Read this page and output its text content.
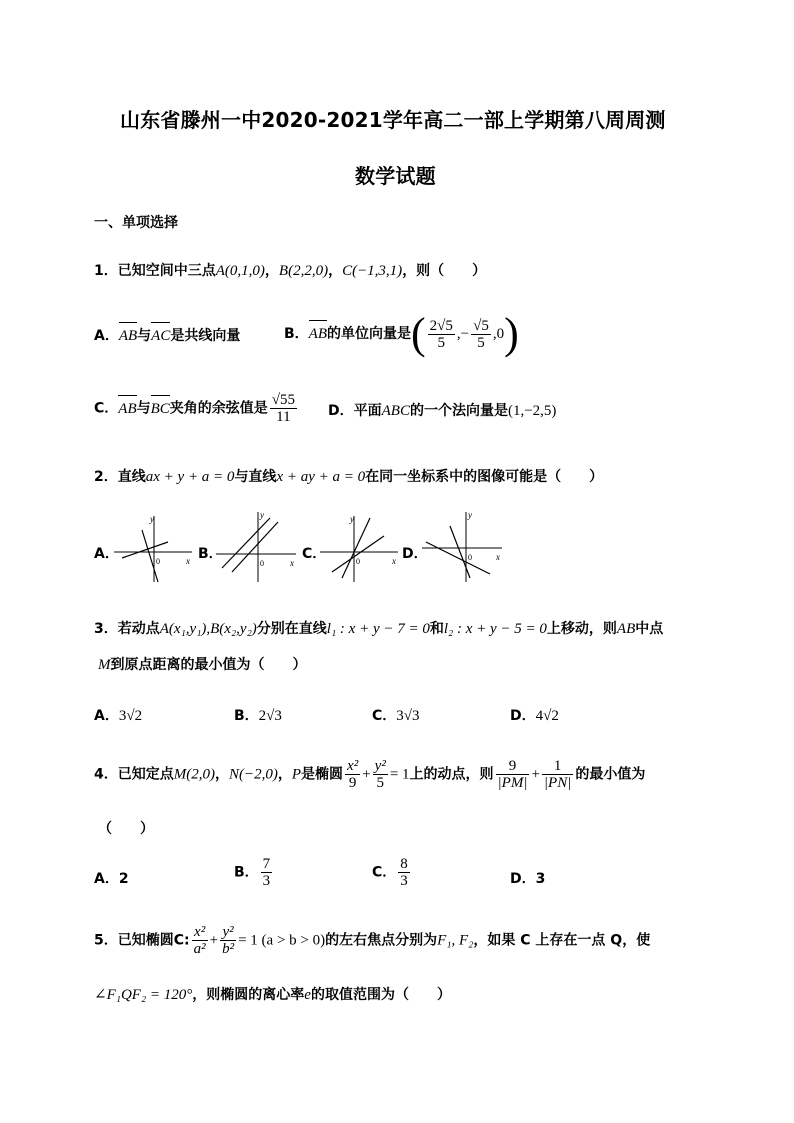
山东省滕州一中2020-2021学年高二一部上学期第八周周测
数学试题
一、单项选择
1．已知空间中三点A(0,1,0)，B(2,2,0)，C(−1,3,1)，则（　　）
A．
AB与
AC是共线向量	B．
AB的单位向量是( $\frac{2√5}{5}$ ,− $\frac{√5}{5} ,0$)
C．
AB与
BC夹角的余弦值是 $\frac{√55}{11}$ D．平面ABC的一个法向量是(1,−2,5)
2．直线ax + y + a = 0与直线x + ay + a = 0在同一坐标系中的图像可能是（　　）
A．	B．	C．	D．
y
x
0
y
x
0
y
x
0
y
x
0
3．若动点A(x₁,y₁),B(x₂,y₂)分别在直线l₁ : x + y − 7 = 0和l₂ : x + y − 5 = 0上移动，则AB中点
M到原点距离的最小值为（　　）
A．3√2	B．2√3	C．3√3	D．4√2
4．已知定点M(2,0)，N(−2,0)，P是椭圆 $\frac{\text{x²}}{9} + \frac{\text{y²}}{5} = 1$上的动点，则 $\frac{9}{|PM|} + \frac{1}{|PN|}$ 的最小值为
（　　）
A．2	B． $\frac{7}{3}$	C． $\frac{8}{3}$	D．3
5．已知椭圆C: $\frac{\text{x²}}{\text{a²}} + \frac{\text{y²}}{\text{b²}} = 1$ (a > b > 0)的左右焦点分别为F₁, F₂，如果 C 上存在一点 Q，使
∠F₁QF₂ = 120°，则椭圆的离心率e的取值范围为（　　）
